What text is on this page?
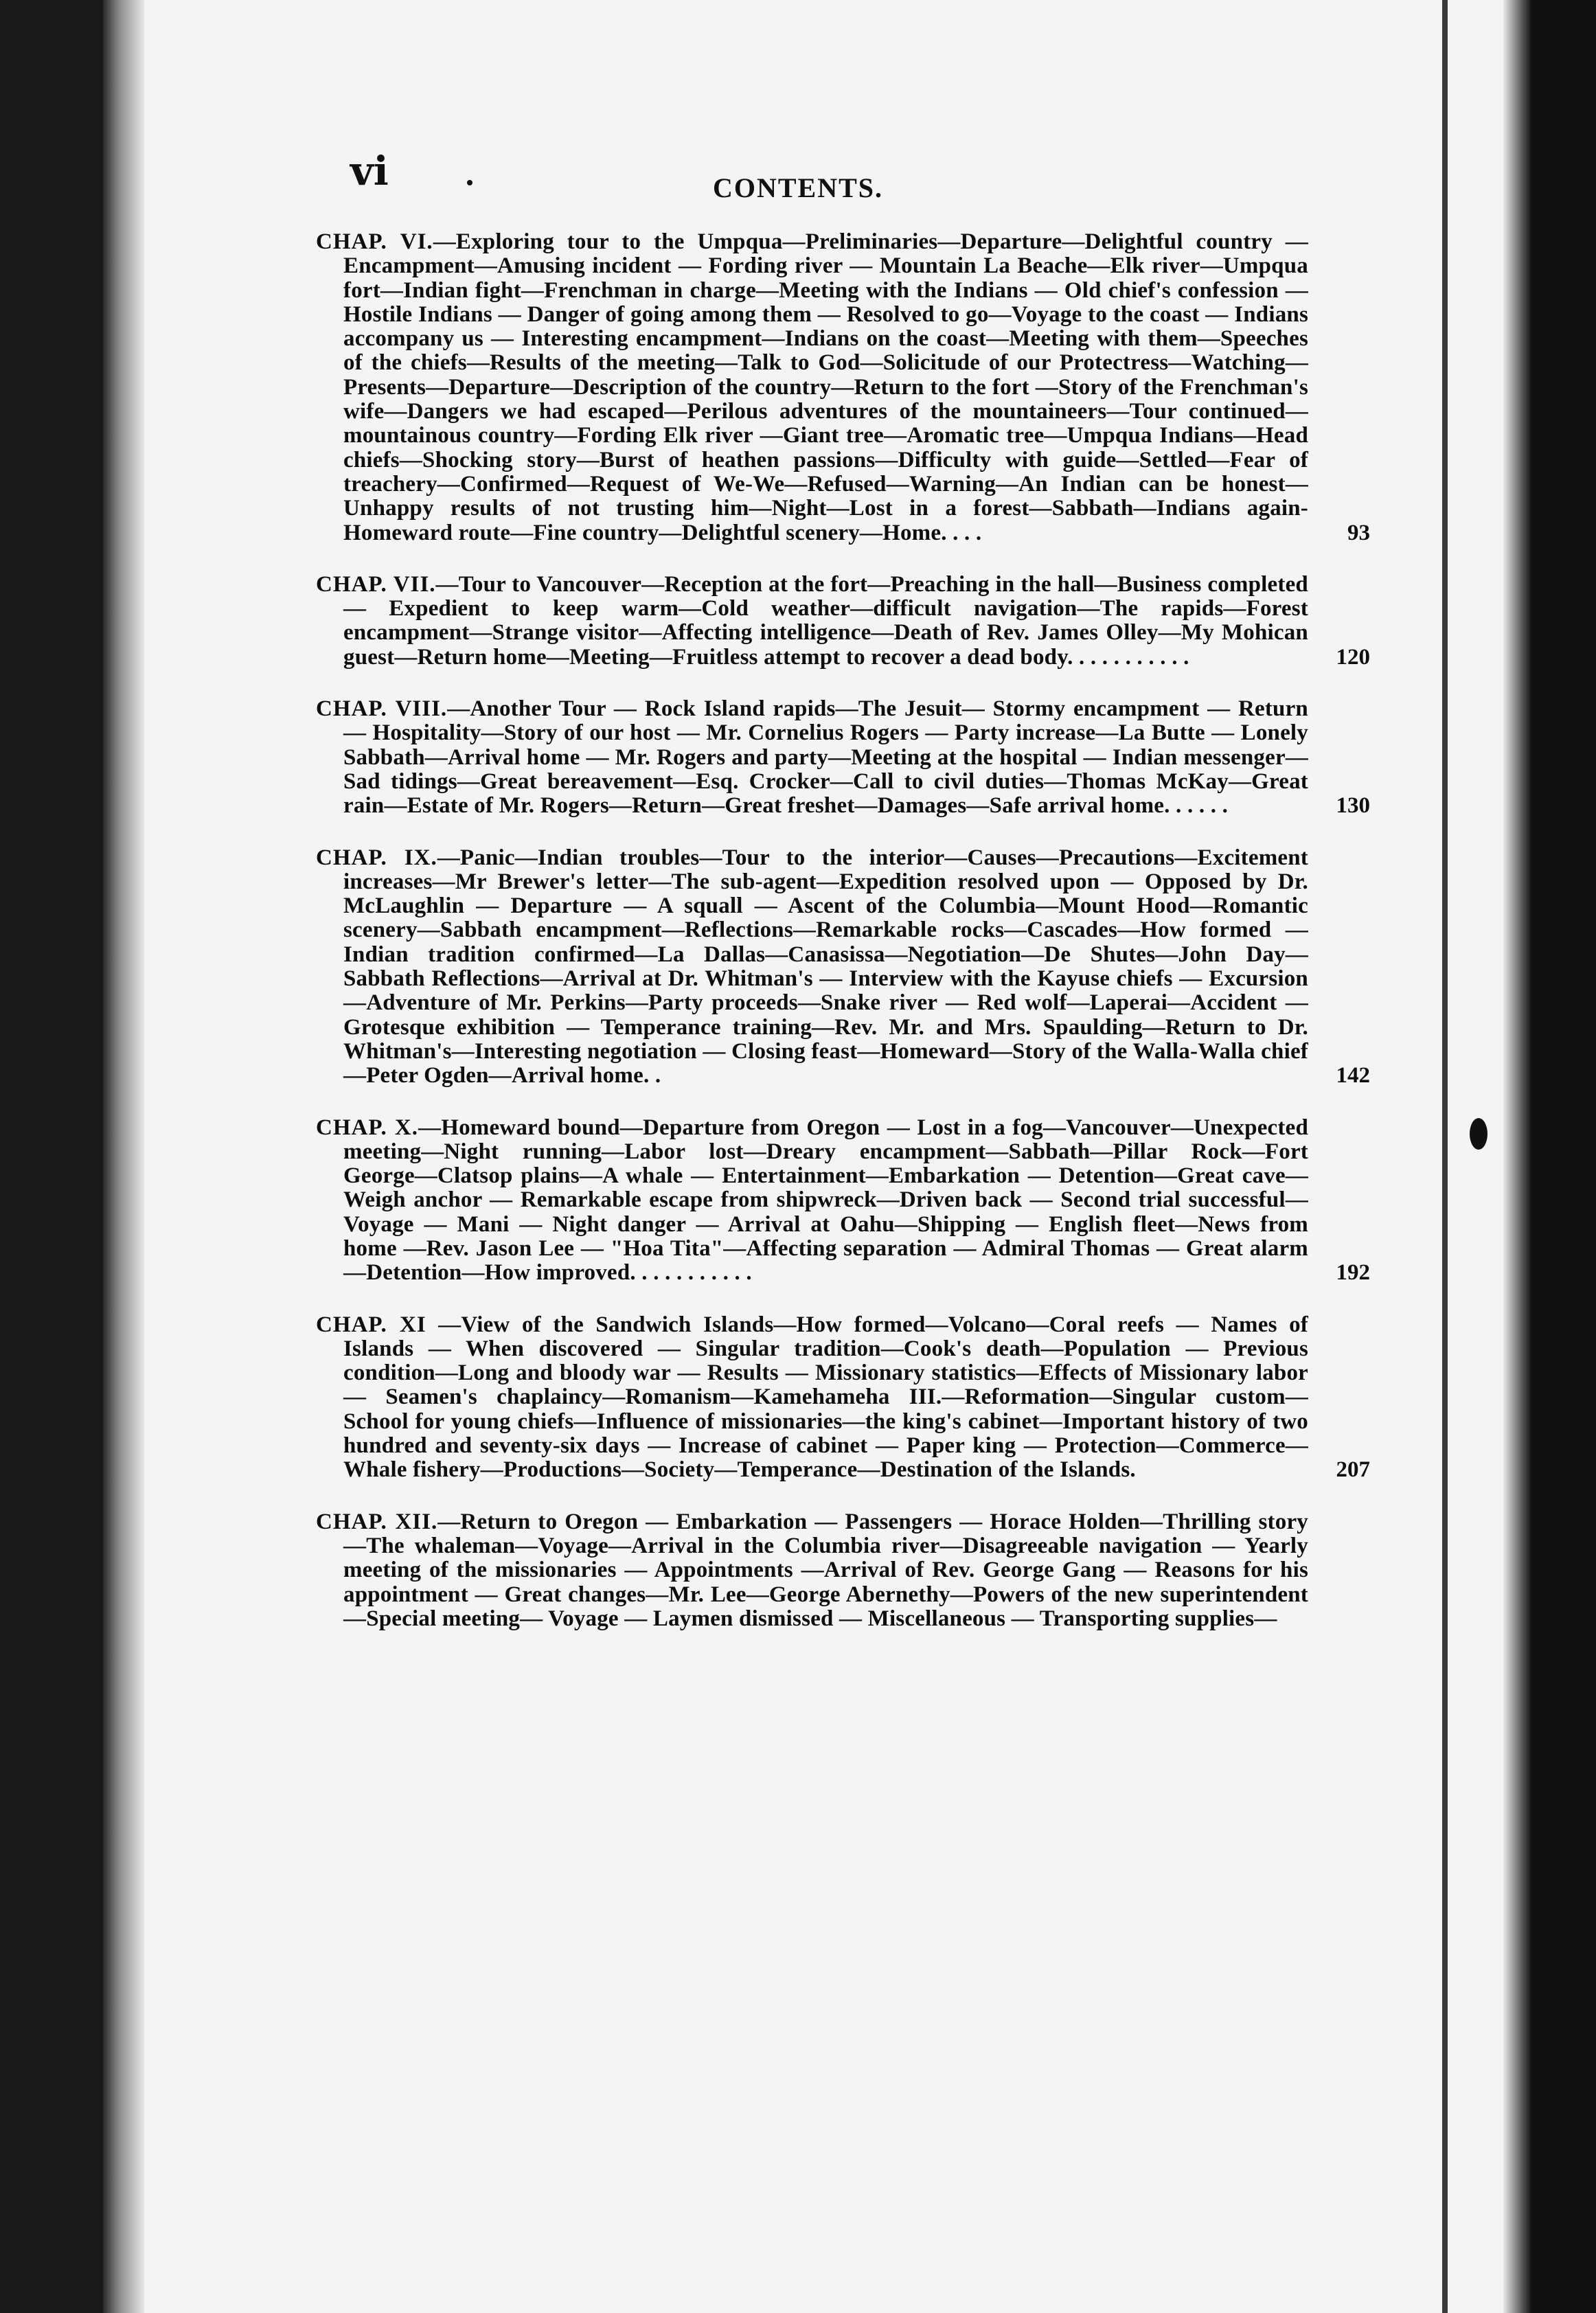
vi	CONTENTS.
CHAP. VI.—Exploring tour to the Umpqua—Preliminaries—Departure—Delightful country — Encampment—Amusing incident — Fording river — Mountain La Beache—Elk river—Umpqua fort—Indian fight—Frenchman in charge—Meeting with the Indians — Old chief's confession — Hostile Indians — Danger of going among them — Resolved to go—Voyage to the coast — Indians accompany us — Interesting encampment—Indians on the coast—Meeting with them—Speeches of the chiefs—Results of the meeting—Talk to God—Solicitude of our Protectress—Watching—Presents—Departure—Description of the country—Return to the fort —Story of the Frenchman's wife—Dangers we had escaped—Perilous adventures of the mountaineers—Tour continued—mountainous country—Fording Elk river —Giant tree—Aromatic tree—Umpqua Indians—Head chiefs—Shocking story—Burst of heathen passions—Difficulty with guide—Settled—Fear of treachery—Confirmed—Request of We-We—Refused—Warning—An Indian can be honest—Unhappy results of not trusting him—Night—Lost in a forest—Sabbath—Indians again- Homeward route—Fine country—Delightful scenery—Home. . . .	93
CHAP. VII.—Tour to Vancouver—Reception at the fort—Preaching in the hall—Business completed — Expedient to keep warm—Cold weather—difficult navigation—The rapids—Forest encampment—Strange visitor—Affecting intelligence—Death of Rev. James Olley—My Mohican guest—Return home—Meeting—Fruitless attempt to recover a dead body. . . . . . . . . . .	120
CHAP. VIII.—Another Tour — Rock Island rapids—The Jesuit— Stormy encampment — Return — Hospitality—Story of our host — Mr. Cornelius Rogers — Party increase—La Butte — Lonely Sabbath—Arrival home — Mr. Rogers and party—Meeting at the hospital — Indian messenger—Sad tidings—Great bereavement—Esq. Crocker—Call to civil duties—Thomas McKay—Great rain—Estate of Mr. Rogers—Return—Great freshet—Damages—Safe arrival home. . . . . .	130
CHAP. IX.—Panic—Indian troubles—Tour to the interior—Causes—Precautions—Excitement increases—Mr Brewer's letter—The sub-agent—Expedition resolved upon — Opposed by Dr. McLaughlin — Departure — A squall — Ascent of the Columbia—Mount Hood—Romantic scenery—Sabbath encampment—Reflections—Remarkable rocks—Cascades—How formed — Indian tradition confirmed—La Dallas—Canasissa—Negotiation—De Shutes—John Day—Sabbath Reflections—Arrival at Dr. Whitman's — Interview with the Kayuse chiefs — Excursion —Adventure of Mr. Perkins—Party proceeds—Snake river — Red wolf—Laperai—Accident — Grotesque exhibition — Temperance training—Rev. Mr. and Mrs. Spaulding—Return to Dr. Whitman's—Interesting negotiation — Closing feast—Homeward—Story of the Walla-Walla chief—Peter Ogden—Arrival home. .	142
CHAP. X.—Homeward bound—Departure from Oregon — Lost in a fog—Vancouver—Unexpected meeting—Night running—Labor lost—Dreary encampment—Sabbath—Pillar Rock—Fort George—Clatsop plains—A whale — Entertainment—Embarkation — Detention—Great cave—Weigh anchor — Remarkable escape from shipwreck—Driven back — Second trial successful—Voyage — Mani — Night danger — Arrival at Oahu—Shipping — English fleet—News from home —Rev. Jason Lee — "Hoa Tita"—Affecting separation — Admiral Thomas — Great alarm—Detention—How improved. . . . . . . . . . .	192
CHAP. XI —View of the Sandwich Islands—How formed—Volcano—Coral reefs — Names of Islands — When discovered — Singular tradition—Cook's death—Population — Previous condition—Long and bloody war — Results — Missionary statistics—Effects of Missionary labor — Seamen's chaplaincy—Romanism—Kamehameha III.—Reformation—Singular custom—School for young chiefs—Influence of missionaries—the king's cabinet—Important history of two hundred and seventy-six days — Increase of cabinet — Paper king — Protection—Commerce—Whale fishery—Productions—Society—Temperance—Destination of the Islands.	207
CHAP. XII.—Return to Oregon — Embarkation — Passengers — Horace Holden—Thrilling story—The whaleman—Voyage—Arrival in the Columbia river—Disagreeable navigation — Yearly meeting of the missionaries — Appointments —Arrival of Rev. George Gang — Reasons for his appointment — Great changes—Mr. Lee—George Abernethy—Powers of the new superintendent—Special meeting— Voyage — Laymen dismissed — Miscellaneous — Transporting supplies—
